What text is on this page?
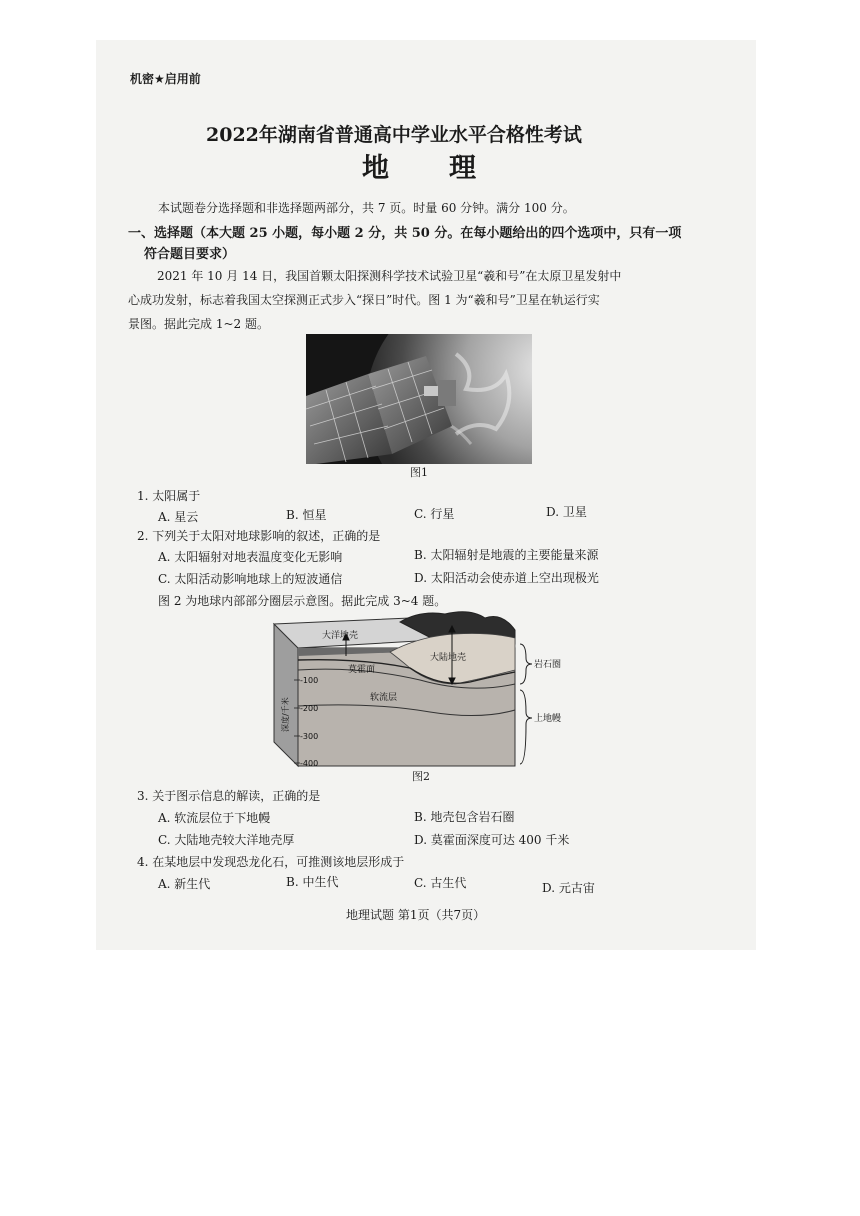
机密★启用前
2022年湖南省普通高中学业水平合格性考试
地　　理
本试题卷分选择题和非选择题两部分，共 7 页。时量 60 分钟。满分 100 分。
一、选择题（本大题 25 小题，每小题 2 分，共 50 分。在每小题给出的四个选项中，只有一项
符合题目要求）
2021 年 10 月 14 日，我国首颗太阳探测科学技术试验卫星“羲和号”在太原卫星发射中
心成功发射，标志着我国太空探测正式步入“探日”时代。图 1 为“羲和号”卫星在轨运行实
景图。据此完成 1~2 题。
图1
1. 太阳属于
A. 星云	B. 恒星	C. 行星	D. 卫星
2. 下列关于太阳对地球影响的叙述，正确的是
A. 太阳辐射对地表温度变化无影响	B. 太阳辐射是地震的主要能量来源
C. 太阳活动影响地球上的短波通信	D. 太阳活动会使赤道上空出现极光
图 2 为地球内部部分圈层示意图。据此完成 3~4 题。
大洋地壳
大陆地壳
莫霍面
软流层
岩石圈
上地幔
-100
-200
-300
-400
深度/千米
图2
3. 关于图示信息的解读，正确的是
A. 软流层位于下地幔	B. 地壳包含岩石圈
C. 大陆地壳较大洋地壳厚	D. 莫霍面深度可达 400 千米
4. 在某地层中发现恐龙化石，可推测该地层形成于
A. 新生代	B. 中生代	C. 古生代	D. 元古宙
地理试题 第1页（共7页）
